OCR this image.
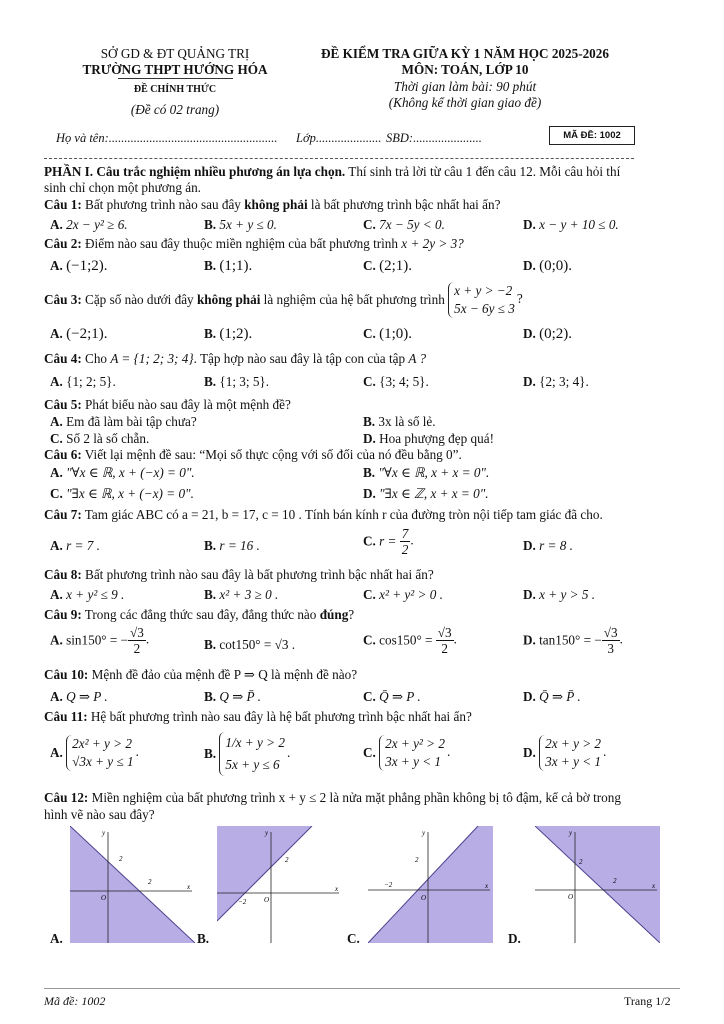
SỞ GD & ĐT QUẢNG TRỊ
TRƯỜNG THPT HƯỚNG HÓA
ĐỀ CHÍNH THỨC
(Đề có 02 trang)
ĐỀ KIỂM TRA GIỮA KỲ 1 NĂM HỌC 2025-2026
MÔN: TOÁN, LỚP 10
Thời gian làm bài: 90 phút
(Không kể thời gian giao đề)
Họ và tên:...................................................... Lớp..................... SBD:......................	MÃ ĐỀ: 1002
PHẦN I. Câu trắc nghiệm nhiều phương án lựa chọn. Thí sinh trả lời từ câu 1 đến câu 12. Mỗi câu hỏi thí
sinh chỉ chọn một phương án.
Câu 1: Bất phương trình nào sau đây không phải là bất phương trình bậc nhất hai ẩn?
A. 2x − y² ≥ 6.	B. 5x + y ≤ 0.	C. 7x − 5y < 0.	D. x − y + 10 ≤ 0.
Câu 2: Điểm nào sau đây thuộc miền nghiệm của bất phương trình x + 2y > 3?
A. (−1;2).	B. (1;1).	C. (2;1).	D. (0;0).
Câu 3: Cặp số nào dưới đây không phải là nghiệm của hệ bất phương trình
x + y > −2
5x − 6y ≤ 3
?
A. (−2;1).	B. (1;2).	C. (1;0).	D. (0;2).
Câu 4: Cho A = {1; 2; 3; 4}. Tập hợp nào sau đây là tập con của tập A ?
A. {1; 2; 5}.	B. {1; 3; 5}.	C. {3; 4; 5}.	D. {2; 3; 4}.
Câu 5: Phát biểu nào sau đây là một mệnh đề?
A. Em đã làm bài tập chưa?	B. 3x là số lẻ.
C. Số 2 là số chẵn.	D. Hoa phượng đẹp quá!
Câu 6: Viết lại mệnh đề sau: “Mọi số thực cộng với số đối của nó đều bằng 0”.
A. "∀x ∈ ℝ, x + (−x) = 0".	B. "∀x ∈ ℝ, x + x = 0".
C. "∃x ∈ ℝ, x + (−x) = 0".	D. "∃x ∈ ℤ, x + x = 0".
Câu 7: Tam giác ABC có a = 21, b = 17, c = 10 . Tính bán kính r của đường tròn nội tiếp tam giác đã cho.
A. r = 7 .	B. r = 16 .	C. $r = \frac{7}{2}$ .	D. r = 8 .
Câu 8: Bất phương trình nào sau đây là bất phương trình bậc nhất hai ẩn?
A. x + y² ≤ 9 .	B. x² + 3 ≥ 0 .	C. x² + y² > 0 .	D. x + y > 5 .
Câu 9: Trong các đẳng thức sau đây, đẳng thức nào đúng?
A. sin150° = − $\frac{√3}{2}$ .	B. cot150° = √3 .	C. $\cos 150^\circ = \frac{√3}{2}$ .	D. tan150° = − $\frac{√3}{3}$ .
Câu 10: Mệnh đề đảo của mệnh đề P ⇒ Q là mệnh đề nào?
A. Q ⇒ P .	B. Q ⇒ P̄ .	C. Q̄ ⇒ P .	D. Q̄ ⇒ P̄ .
Câu 11: Hệ bất phương trình nào sau đây là hệ bất phương trình bậc nhất hai ẩn?
A.
2x² + y > 2
√3x + y ≤ 1
.	B.
1/x + y > 2
5x + y ≤ 6
.	C.
2x + y² > 2
3x + y < 1
.	D.
2x + y > 2
3x + y < 1
.
Câu 12: Miền nghiệm của bất phương trình x + y ≤ 2 là nửa mặt phẳng phần không bị tô đậm, kể cả bờ trong
hình vẽ nào sau đây?
x
y
O
2
2
A.
x
y
O
2
−2
B.
x
y
O
2
−2
C.
x
y
O
2
2
D.
Mã đề: 1002	Trang 1/2
